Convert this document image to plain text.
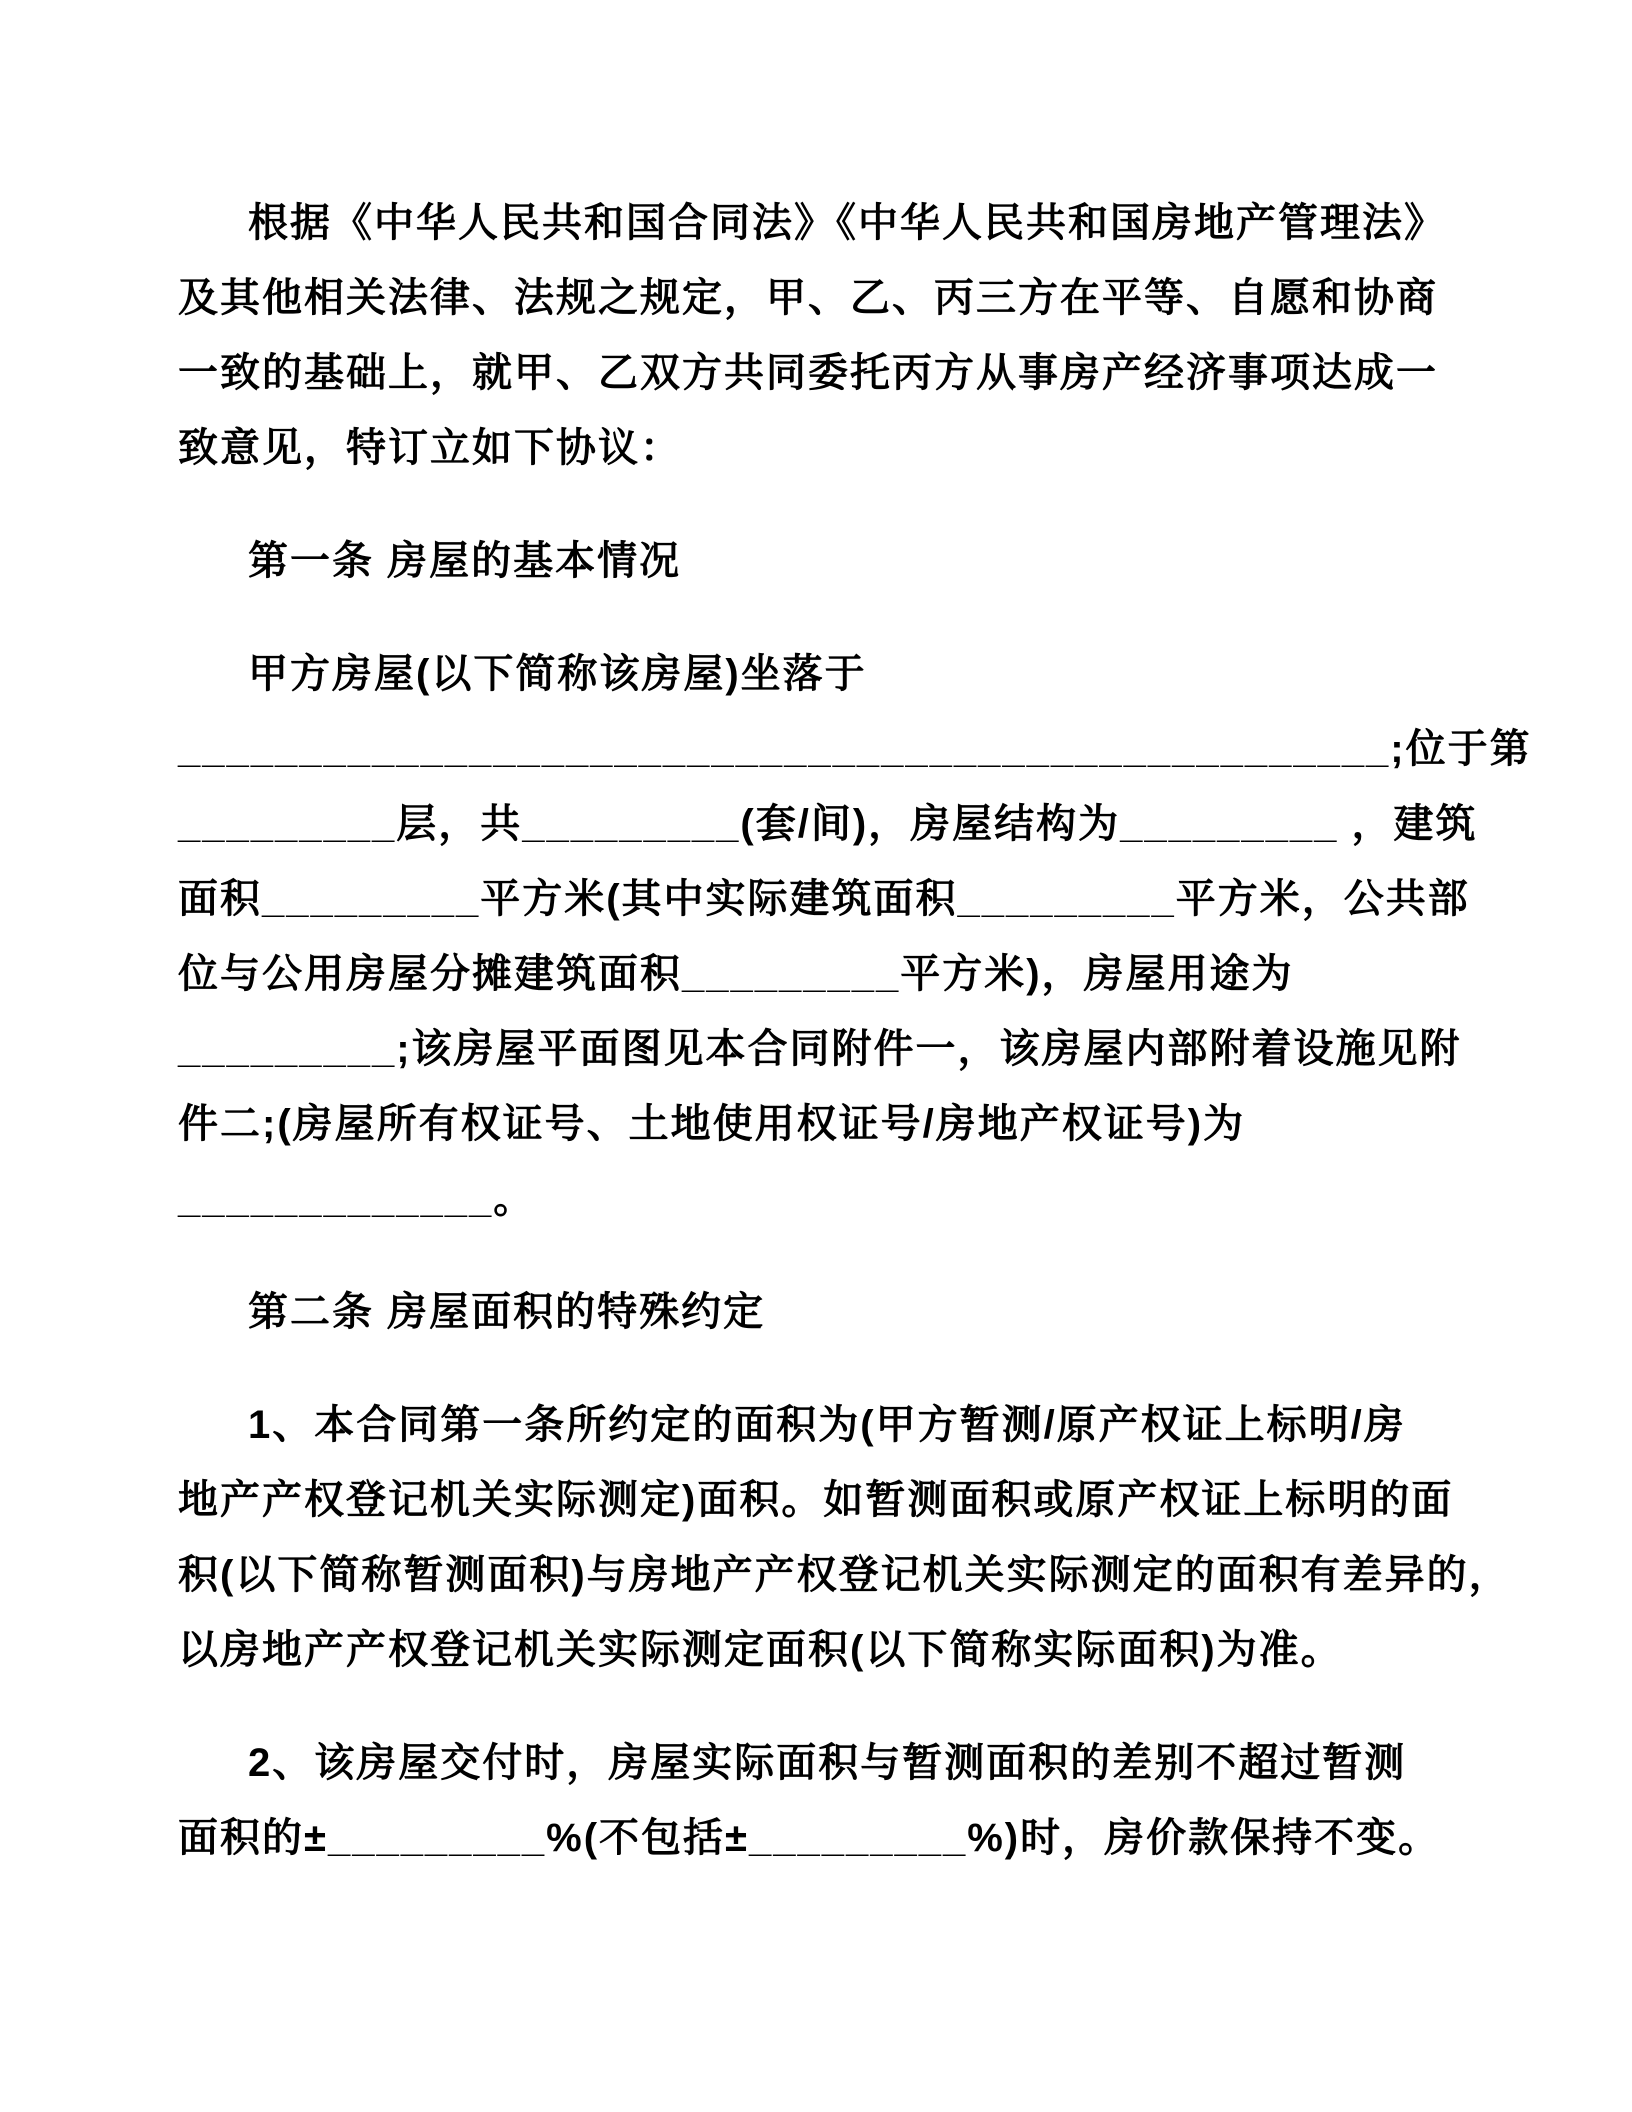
根据《中华人民共和国合同法》《中华人民共和国房地产管理法》
及其他相关法律、法规之规定，甲、乙、丙三方在平等、自愿和协商
一致的基础上，就甲、乙双方共同委托丙方从事房产经济事项达成一
致意见，特订立如下协议：
第一条 房屋的基本情况
甲方房屋(以下简称该房屋)坐落于
__________________________________________________;位于第
_________层，共_________(套/间)，房屋结构为_________ ，建筑
面积_________平方米(其中实际建筑面积_________平方米，公共部
位与公用房屋分摊建筑面积_________平方米)，房屋用途为
_________;该房屋平面图见本合同附件一，该房屋内部附着设施见附
件二;(房屋所有权证号、土地使用权证号/房地产权证号)为
_____________。
第二条 房屋面积的特殊约定
1、本合同第一条所约定的面积为(甲方暂测/原产权证上标明/房
地产产权登记机关实际测定)面积。如暂测面积或原产权证上标明的面
积(以下简称暂测面积)与房地产产权登记机关实际测定的面积有差异的，
以房地产产权登记机关实际测定面积(以下简称实际面积)为准。
2、该房屋交付时，房屋实际面积与暂测面积的差别不超过暂测
面积的±_________%(不包括±_________%)时，房价款保持不变。
